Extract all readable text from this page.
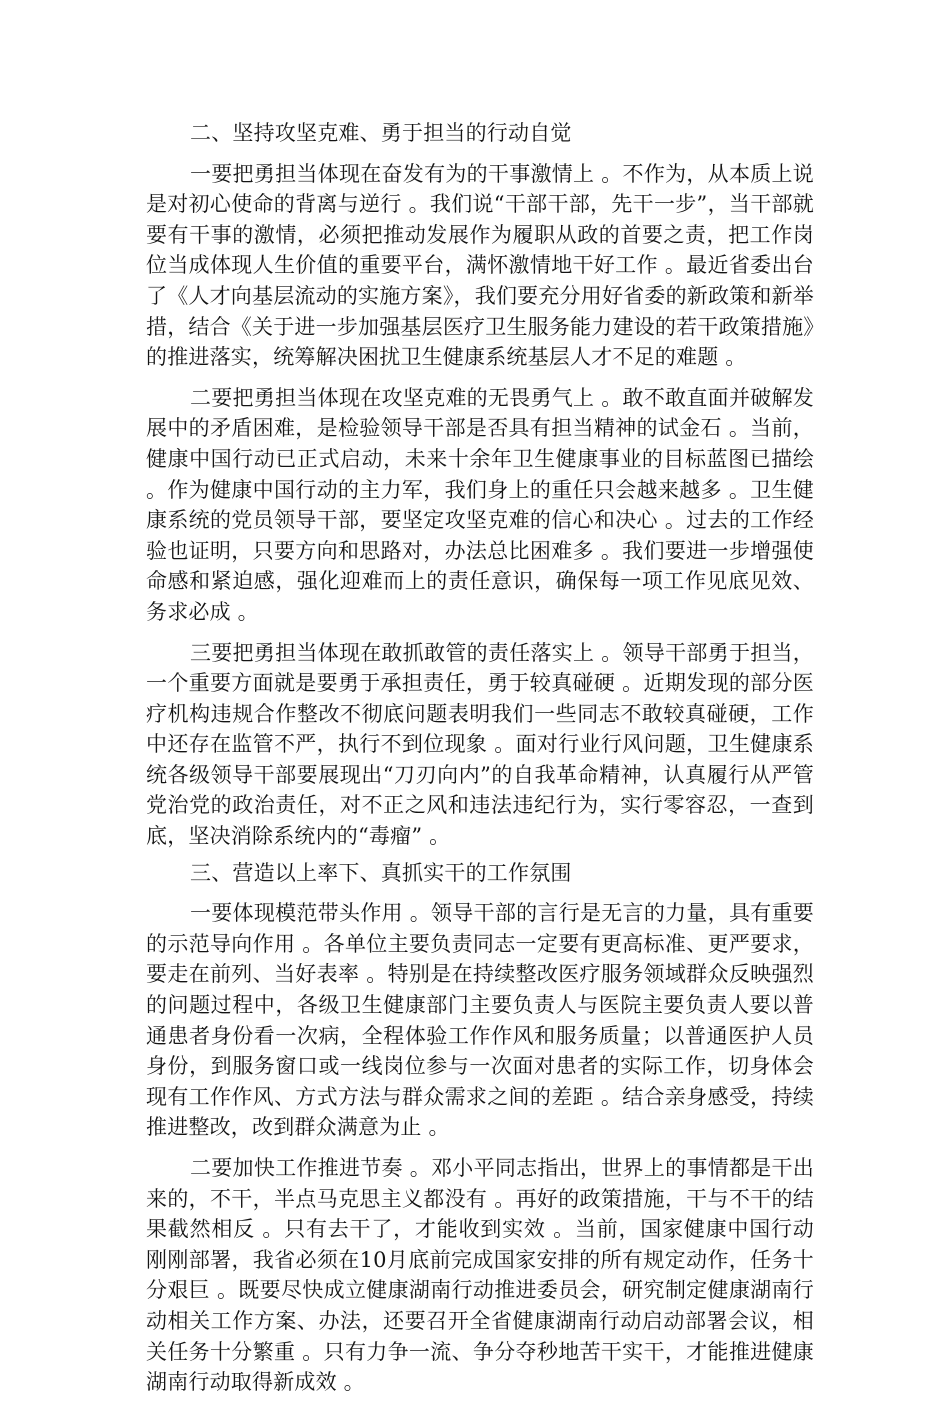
二、坚持攻坚克难、勇于担当的行动自觉

一要把勇担当体现在奋发有为的干事激情上 。不作为，从本质上说是对初心使命的背离与逆行 。我们说“干部干部，先干一步”，当干部就要有干事的激情，必须把推动发展作为履职从政的首要之责，把工作岗位当成体现人生价值的重要平台，满怀激情地干好工作 。最近省委出台了《人才向基层流动的实施方案》，我们要充分用好省委的新政策和新举措，结合《关于进一步加强基层医疗卫生服务能力建设的若干政策措施》的推进落实，统筹解决困扰卫生健康系统基层人才不足的难题 。

二要把勇担当体现在攻坚克难的无畏勇气上 。敢不敢直面并破解发展中的矛盾困难，是检验领导干部是否具有担当精神的试金石 。当前，健康中国行动已正式启动，未来十余年卫生健康事业的目标蓝图已描绘 。作为健康中国行动的主力军，我们身上的重任只会越来越多 。卫生健康系统的党员领导干部，要坚定攻坚克难的信心和决心 。过去的工作经验也证明，只要方向和思路对，办法总比困难多 。我们要进一步增强使命感和紧迫感，强化迎难而上的责任意识，确保每一项工作见底见效、务求必成 。

三要把勇担当体现在敢抓敢管的责任落实上 。领导干部勇于担当，一个重要方面就是要勇于承担责任，勇于较真碰硬 。近期发现的部分医疗机构违规合作整改不彻底问题表明我们一些同志不敢较真碰硬，工作中还存在监管不严，执行不到位现象 。面对行业行风问题，卫生健康系统各级领导干部要展现出“刀刃向内”的自我革命精神，认真履行从严管党治党的政治责任，对不正之风和违法违纪行为，实行零容忍，一查到底，坚决消除系统内的“毒瘤” 。

三、营造以上率下、真抓实干的工作氛围

一要体现模范带头作用 。领导干部的言行是无言的力量，具有重要的示范导向作用 。各单位主要负责同志一定要有更高标准、更严要求，要走在前列、当好表率 。特别是在持续整改医疗服务领域群众反映强烈的问题过程中，各级卫生健康部门主要负责人与医院主要负责人要以普通患者身份看一次病，全程体验工作作风和服务质量；以普通医护人员身份，到服务窗口或一线岗位参与一次面对患者的实际工作，切身体会现有工作作风、方式方法与群众需求之间的差距 。结合亲身感受，持续推进整改，改到群众满意为止 。

二要加快工作推进节奏 。邓小平同志指出，世界上的事情都是干出来的，不干，半点马克思主义都没有 。再好的政策措施，干与不干的结果截然相反 。只有去干了，才能收到实效 。当前，国家健康中国行动刚刚部署，我省必须在10月底前完成国家安排的所有规定动作，任务十分艰巨 。既要尽快成立健康湖南行动推进委员会，研究制定健康湖南行动相关工作方案、办法，还要召开全省健康湖南行动启动部署会议，相关任务十分繁重 。只有力争一流、争分夺秒地苦干实干，才能推进健康湖南行动取得新成效 。
